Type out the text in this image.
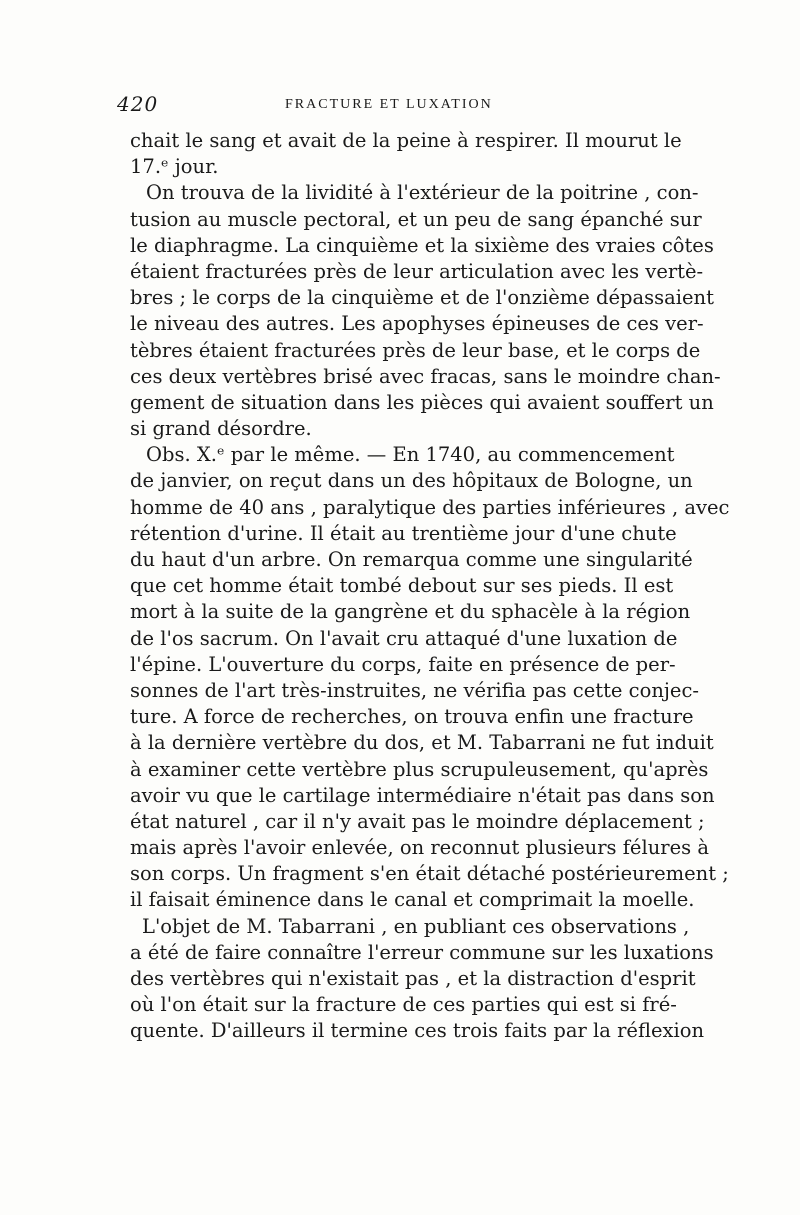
420	FRACTURE ET LUXATION
chait le sang et avait de la peine à respirer. Il mourut le
17.ᵉ jour.
On trouva de la lividité à l'extérieur de la poitrine , con-
tusion au muscle pectoral, et un peu de sang épanché sur
le diaphragme. La cinquième et la sixième des vraies côtes
étaient fracturées près de leur articulation avec les vertè-
bres ; le corps de la cinquième et de l'onzième dépassaient
le niveau des autres. Les apophyses épineuses de ces ver-
tèbres étaient fracturées près de leur base, et le corps de
ces deux vertèbres brisé avec fracas, sans le moindre chan-
gement de situation dans les pièces qui avaient souffert un
si grand désordre.
Obs. X.ᵉ par le même. — En 1740, au commencement
de janvier, on reçut dans un des hôpitaux de Bologne, un
homme de 40 ans , paralytique des parties inférieures , avec
rétention d'urine. Il était au trentième jour d'une chute
du haut d'un arbre. On remarqua comme une singularité
que cet homme était tombé debout sur ses pieds. Il est
mort à la suite de la gangrène et du sphacèle à la région
de l'os sacrum. On l'avait cru attaqué d'une luxation de
l'épine. L'ouverture du corps, faite en présence de per-
sonnes de l'art très-instruites, ne vérifia pas cette conjec-
ture. A force de recherches, on trouva enfin une fracture
à la dernière vertèbre du dos, et M. Tabarrani ne fut induit
à examiner cette vertèbre plus scrupuleusement, qu'après
avoir vu que le cartilage intermédiaire n'était pas dans son
état naturel , car il n'y avait pas le moindre déplacement ;
mais après l'avoir enlevée, on reconnut plusieurs félures à
son corps. Un fragment s'en était détaché postérieurement ;
il faisait éminence dans le canal et comprimait la moelle.
L'objet de M. Tabarrani , en publiant ces observations ,
a été de faire connaître l'erreur commune sur les luxations
des vertèbres qui n'existait pas , et la distraction d'esprit
où l'on était sur la fracture de ces parties qui est si fré-
quente. D'ailleurs il termine ces trois faits par la réflexion
